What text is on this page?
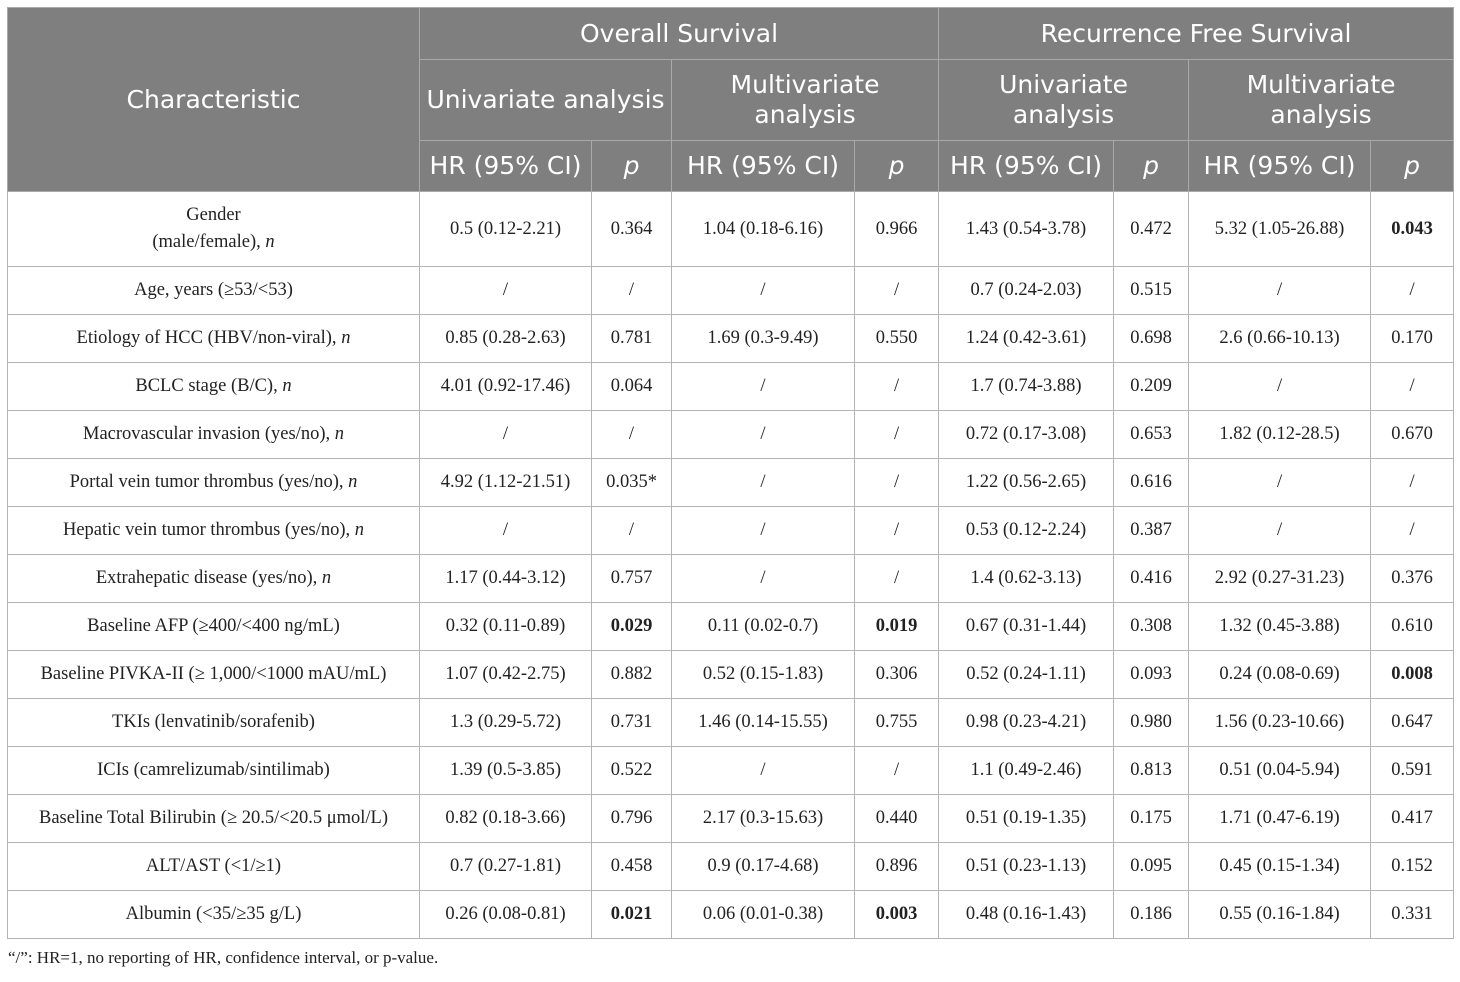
Characteristic	Overall Survival				Recurrence Free Survival			
	Univariate analysis		Multivariate
analysis		Univariate analysis		Multivariate
analysis	
	HR (95% CI)	p	HR (95% CI)	p	HR (95% CI)	p	HR (95% CI)	p
Gender
(male/female), n	0.5 (0.12-2.21)	0.364	1.04 (0.18-6.16)	0.966	1.43 (0.54-3.78)	0.472	5.32 (1.05-26.88)	0.043
Age, years (≥53/<53)	/	/	/	/	0.7 (0.24-2.03)	0.515	/	/
Etiology of HCC (HBV/non-viral), n	0.85 (0.28-2.63)	0.781	1.69 (0.3-9.49)	0.550	1.24 (0.42-3.61)	0.698	2.6 (0.66-10.13)	0.170
BCLC stage (B/C), n	4.01 (0.92-17.46)	0.064	/	/	1.7 (0.74-3.88)	0.209	/	/
Macrovascular invasion (yes/no), n	/	/	/	/	0.72 (0.17-3.08)	0.653	1.82 (0.12-28.5)	0.670
Portal vein tumor thrombus (yes/no), n	4.92 (1.12-21.51)	0.035*	/	/	1.22 (0.56-2.65)	0.616	/	/
Hepatic vein tumor thrombus (yes/no), n	/	/	/	/	0.53 (0.12-2.24)	0.387	/	/
Extrahepatic disease (yes/no), n	1.17 (0.44-3.12)	0.757	/	/	1.4 (0.62-3.13)	0.416	2.92 (0.27-31.23)	0.376
Baseline AFP (≥400/<400 ng/mL)	0.32 (0.11-0.89)	0.029	0.11 (0.02-0.7)	0.019	0.67 (0.31-1.44)	0.308	1.32 (0.45-3.88)	0.610
Baseline PIVKA-II (≥ 1,000/<1000 mAU/mL)	1.07 (0.42-2.75)	0.882	0.52 (0.15-1.83)	0.306	0.52 (0.24-1.11)	0.093	0.24 (0.08-0.69)	0.008
TKIs (lenvatinib/sorafenib)	1.3 (0.29-5.72)	0.731	1.46 (0.14-15.55)	0.755	0.98 (0.23-4.21)	0.980	1.56 (0.23-10.66)	0.647
ICIs (camrelizumab/sintilimab)	1.39 (0.5-3.85)	0.522	/	/	1.1 (0.49-2.46)	0.813	0.51 (0.04-5.94)	0.591
Baseline Total Bilirubin (≥ 20.5/<20.5 μmol/L)	0.82 (0.18-3.66)	0.796	2.17 (0.3-15.63)	0.440	0.51 (0.19-1.35)	0.175	1.71 (0.47-6.19)	0.417
ALT/AST (<1/≥1)	0.7 (0.27-1.81)	0.458	0.9 (0.17-4.68)	0.896	0.51 (0.23-1.13)	0.095	0.45 (0.15-1.34)	0.152
Albumin (<35/≥35 g/L)	0.26 (0.08-0.81)	0.021	0.06 (0.01-0.38)	0.003	0.48 (0.16-1.43)	0.186	0.55 (0.16-1.84)	0.331
“/”: HR=1, no reporting of HR, confidence interval, or p-value.
